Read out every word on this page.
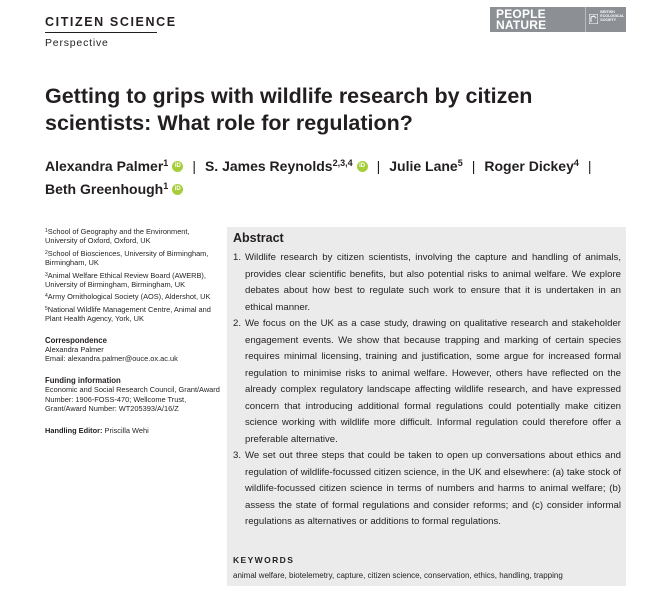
CITIZEN SCIENCE
Perspective
PEOPLE
NATURE
BRITISH
ECOLOGICAL
SOCIETY
Getting to grips with wildlife research by citizen scientists: What role for regulation?
Alexandra Palmer$^1$ iD | S. James Reynolds$^{2,3,4}$ iD | Julie Lane$^5$ | Roger Dickey$^4$ |
Beth Greenhough$^1$ iD
$^1$School of Geography and the Environment, University of Oxford, Oxford, UK
$^2$School of Biosciences, University of Birmingham, Birmingham, UK
$^3$Animal Welfare Ethical Review Board (AWERB), University of Birmingham, Birmingham, UK
$^4$Army Ornithological Society (AOS), Aldershot, UK
$^5$National Wildlife Management Centre, Animal and Plant Health Agency, York, UK
Correspondence
Alexandra Palmer
Email: alexandra.palmer@ouce.ox.ac.uk
Funding information
Economic and Social Research Council, Grant/Award Number: 1906-FOSS-470; Wellcome Trust, Grant/Award Number: WT205393/A/16/Z
Handling Editor: Priscilla Wehi
Abstract
1. Wildlife research by citizen scientists, involving the capture and handling of animals, provides clear scientific benefits, but also potential risks to animal welfare. We explore debates about how best to regulate such work to ensure that it is undertaken in an ethical manner.
2. We focus on the UK as a case study, drawing on qualitative research and stakeholder engagement events. We show that because trapping and marking of certain species requires minimal licensing, training and justification, some argue for increased formal regulation to minimise risks to animal welfare. However, others have reflected on the already complex regulatory landscape affecting wildlife research, and have expressed concern that introducing additional formal regulations could potentially make citizen science working with wildlife more difficult. Informal regulation could therefore offer a preferable alternative.
3. We set out three steps that could be taken to open up conversations about ethics and regulation of wildlife-focussed citizen science, in the UK and elsewhere: (a) take stock of wildlife-focussed citizen science in terms of numbers and harms to animal welfare; (b) assess the state of formal regulations and consider reforms; and (c) consider informal regulations as alternatives or additions to formal regulations.
KEYWORDS
animal welfare, biotelemetry, capture, citizen science, conservation, ethics, handling, trapping
